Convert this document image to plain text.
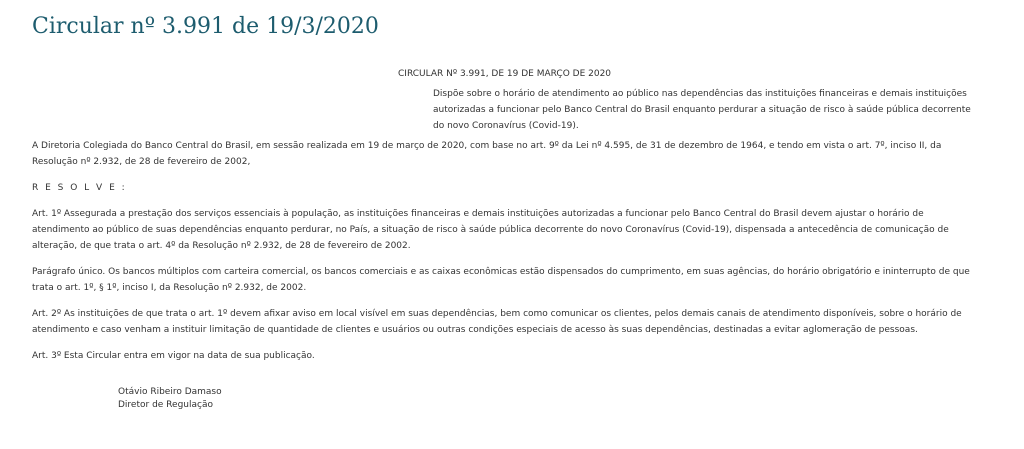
Circular nº 3.991 de 19/3/2020

CIRCULAR Nº 3.991, DE 19 DE MARÇO DE 2020

Dispõe sobre o horário de atendimento ao público nas dependências das instituições financeiras e demais instituições autorizadas a funcionar pelo Banco Central do Brasil enquanto perdurar a situação de risco à saúde pública decorrente do novo Coronavírus (Covid-19).

A Diretoria Colegiada do Banco Central do Brasil, em sessão realizada em 19 de março de 2020, com base no art. 9º da Lei nº 4.595, de 31 de dezembro de 1964, e tendo em vista o art. 7º, inciso II, da Resolução nº 2.932, de 28 de fevereiro de 2002,

R E S O L V E :

Art. 1º Assegurada a prestação dos serviços essenciais à população, as instituições financeiras e demais instituições autorizadas a funcionar pelo Banco Central do Brasil devem ajustar o horário de atendimento ao público de suas dependências enquanto perdurar, no País, a situação de risco à saúde pública decorrente do novo Coronavírus (Covid-19), dispensada a antecedência de comunicação de alteração, de que trata o art. 4º da Resolução nº 2.932, de 28 de fevereiro de 2002.

Parágrafo único. Os bancos múltiplos com carteira comercial, os bancos comerciais e as caixas econômicas estão dispensados do cumprimento, em suas agências, do horário obrigatório e ininterrupto de que trata o art. 1º, § 1º, inciso I, da Resolução nº 2.932, de 2002.

Art. 2º As instituições de que trata o art. 1º devem afixar aviso em local visível em suas dependências, bem como comunicar os clientes, pelos demais canais de atendimento disponíveis, sobre o horário de atendimento e caso venham a instituir limitação de quantidade de clientes e usuários ou outras condições especiais de acesso às suas dependências, destinadas a evitar aglomeração de pessoas.

Art. 3º Esta Circular entra em vigor na data de sua publicação.

Otávio Ribeiro Damaso
Diretor de Regulação
